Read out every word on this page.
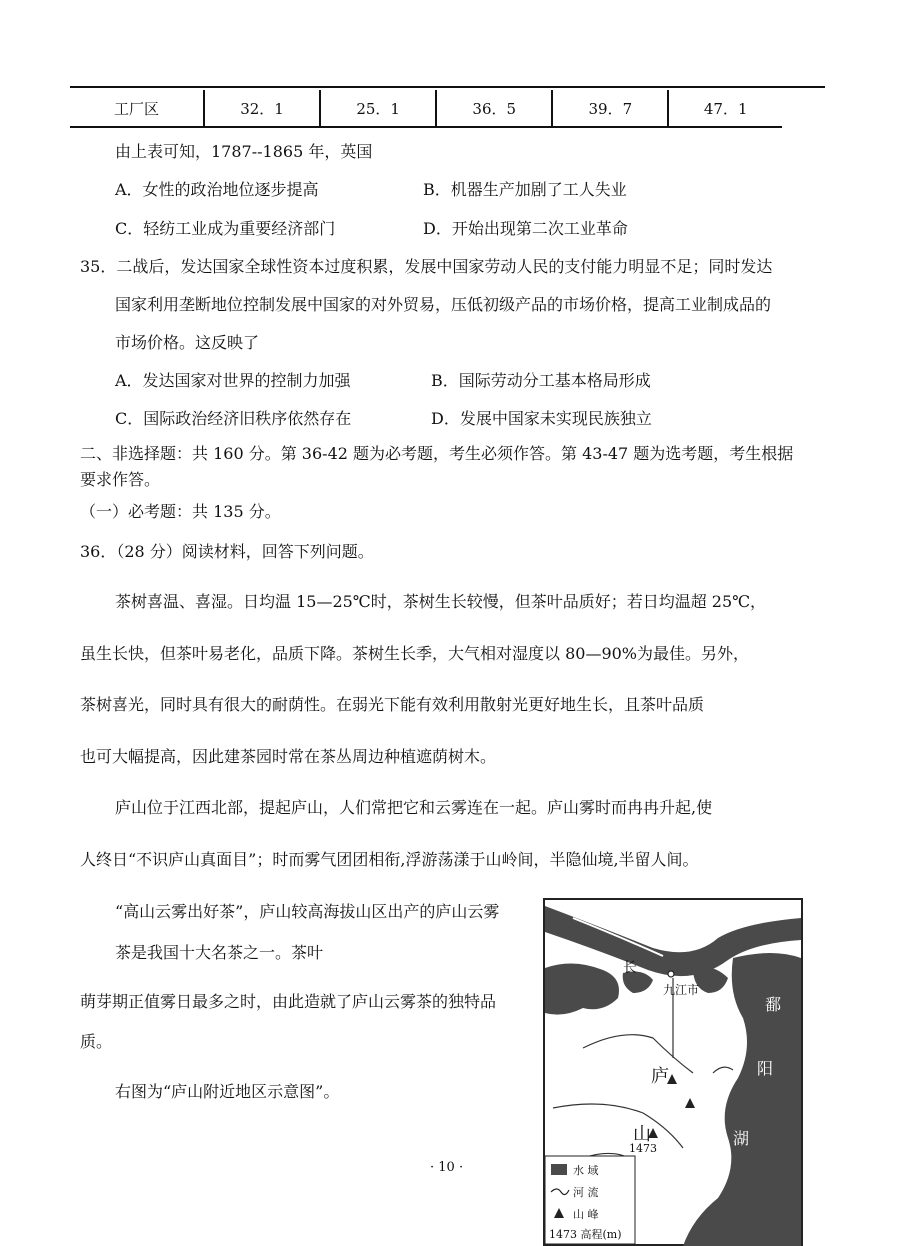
工厂区	32．1	25．1	36．5	39．7	47．1
由上表可知，1787--1865 年，英国
A．女性的政治地位逐步提高	B．机器生产加剧了工人失业
C．轻纺工业成为重要经济部门	D．开始出现第二次工业革命
35．二战后，发达国家全球性资本过度积累，发展中国家劳动人民的支付能力明显不足；同时发达
国家利用垄断地位控制发展中国家的对外贸易，压低初级产品的市场价格，提高工业制成品的
市场价格。这反映了
A．发达国家对世界的控制力加强	B．国际劳动分工基本格局形成
C．国际政治经济旧秩序依然存在	D．发展中国家未实现民族独立
二、非选择题：共 160 分。第 36-42 题为必考题，考生必须作答。第 43-47 题为选考题，考生根据
要求作答。
（一）必考题：共 135 分。
36．（28 分）阅读材料，回答下列问题。
茶树喜温、喜湿。日均温 15—25℃时，茶树生长较慢，但茶叶品质好；若日均温超 25℃，
虽生长快，但茶叶易老化，品质下降。茶树生长季，大气相对湿度以 80—90%为最佳。另外，
茶树喜光，同时具有很大的耐荫性。在弱光下能有效利用散射光更好地生长，且茶叶品质
也可大幅提高，因此建茶园时常在茶丛周边种植遮荫树木。
庐山位于江西北部，提起庐山，人们常把它和云雾连在一起。庐山雾时而冉冉升起,使
人终日“不识庐山真面目”；时而雾气团团相衔,浮游荡漾于山岭间，半隐仙境,半留人间。
“高山云雾出好茶”，庐山较高海拔山区出产的庐山云雾
茶是我国十大名茶之一。茶叶
萌芽期正值雾日最多之时，由此造就了庐山云雾茶的独特品
质。
右图为“庐山附近地区示意图”。
· 10 ·
长
江
九江市
庐
山
1473
鄱
阳
湖
水 域
河 流
山 峰
1473 高程(m)
